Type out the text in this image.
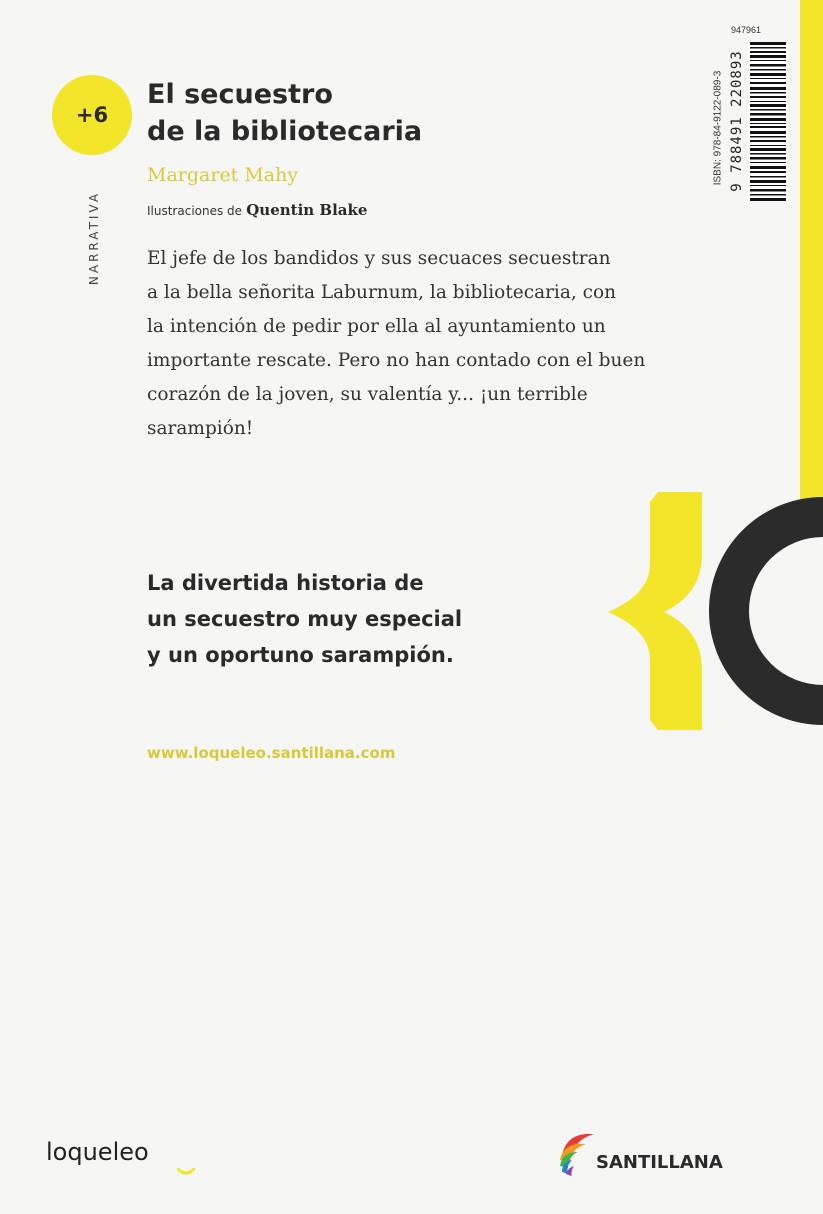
+6
NARRATIVA
El secuestro
de la bibliotecaria
Margaret Mahy
Ilustraciones de Quentin Blake

El jefe de los bandidos y sus secuaces secuestran
a la bella señorita Laburnum, la bibliotecaria, con
la intención de pedir por ella al ayuntamiento un
importante rescate. Pero no han contado con el buen
corazón de la joven, su valentía y... ¡un terrible
sarampión!

La divertida historia de
un secuestro muy especial
y un oportuno sarampión.

www.loqueleo.santillana.com
947961
ISBN: 978-84-9122-089-3 9 788491 220893
loqueleo	SANTILLANA
